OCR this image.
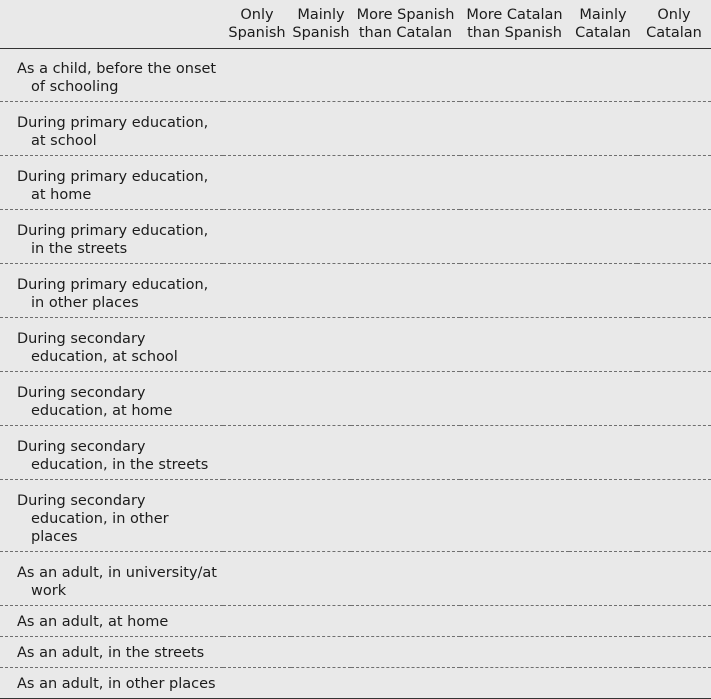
	Only Spanish	Mainly Spanish	More Spanish than Catalan	More Catalan than Spanish	Mainly Catalan	Only Catalan

As a child, before the onset of schooling						

During primary education, at school						

During primary education, at home						

During primary education, in the streets						

During primary education, in other places						

During secondary education, at school						

During secondary education, at home						

During secondary education, in the streets						

During secondary education, in other places						

As an adult, in university/at work						

As an adult, at home						

As an adult, in the streets						

As an adult, in other places						
